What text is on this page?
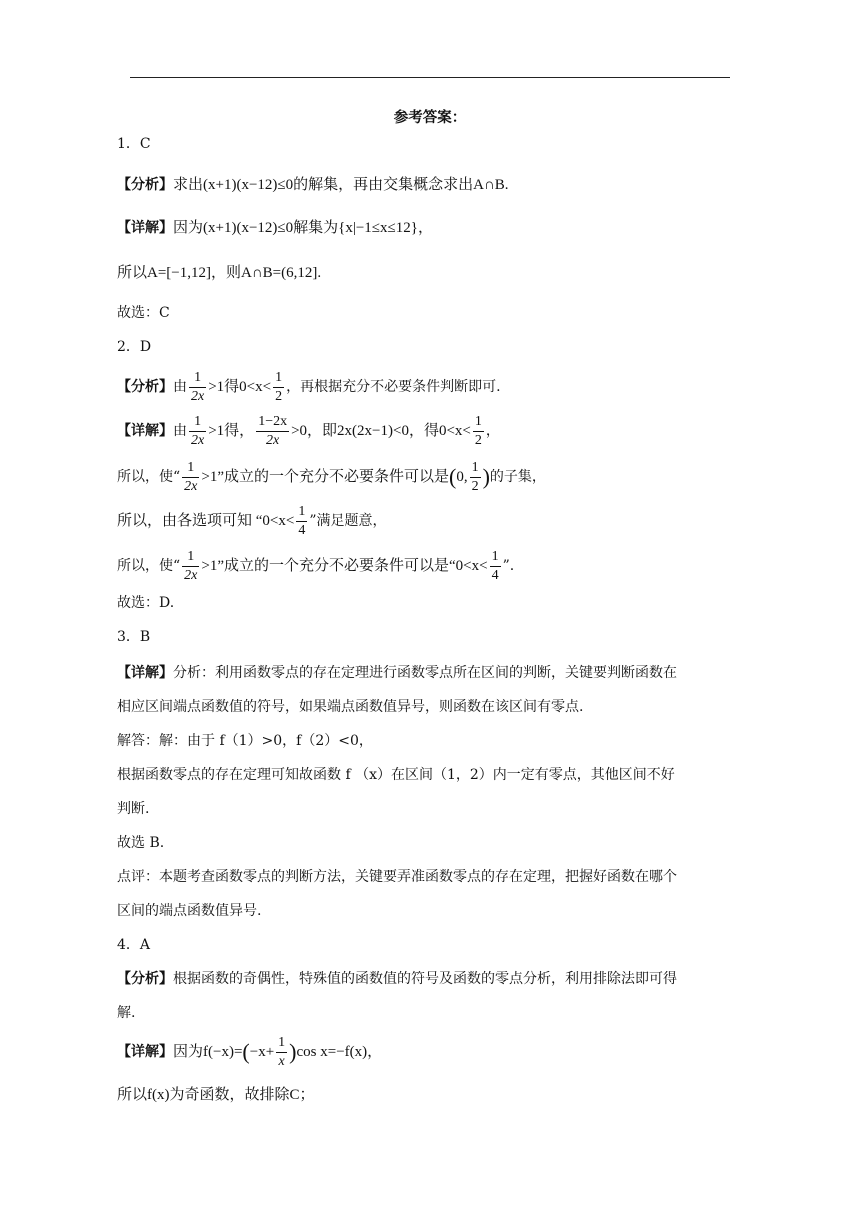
参考答案：
1．C
【分析】求出(x+1)(x−12)≤0的解集，再由交集概念求出A∩B.
【详解】因为(x+1)(x−12)≤0解集为{x|−1≤x≤12}，
所以A=[−1,12]，则A∩B=(6,12].
故选：C
2．D
【分析】由 $\frac{1}{2x} >1$得$0<x< \frac{1}{2}$ ，再根据充分不必要条件判断即可.
【详解】由 $\frac{1}{2x} >1$得， $\frac{1-2x}{2x} >0$，即2x(2x−1)<0，得$0<x< \frac{1}{2}$ ，
所以，使“ $\frac{1}{2x} >1$”成立的一个充分不必要条件可以是(0, $\frac{1}{2}$ )的子集，
所以，由各选项可知 “$0<x< \frac{1}{4}$ ”满足题意，
所以，使“ $\frac{1}{2x} >1$”成立的一个充分不必要条件可以是“$0<x< \frac{1}{4}$ ”.
故选：D.
3．B
【详解】分析：利用函数零点的存在定理进行函数零点所在区间的判断，关键要判断函数在
相应区间端点函数值的符号，如果端点函数值异号，则函数在该区间有零点.
解答：解：由于 f（1）>0，f（2）<0，
根据函数零点的存在定理可知故函数 f （x）在区间（1，2）内一定有零点，其他区间不好
判断.
故选 B.
点评：本题考查函数零点的判断方法，关键要弄准函数零点的存在定理，把握好函数在哪个
区间的端点函数值异号.
4．A
【分析】根据函数的奇偶性，特殊值的函数值的符号及函数的零点分析，利用排除法即可得
解.
【详解】因为$f(-x)=(-x+ \frac{1}{x} )\cos$ x=−f(x)，
所以f(x)为奇函数，故排除C；
